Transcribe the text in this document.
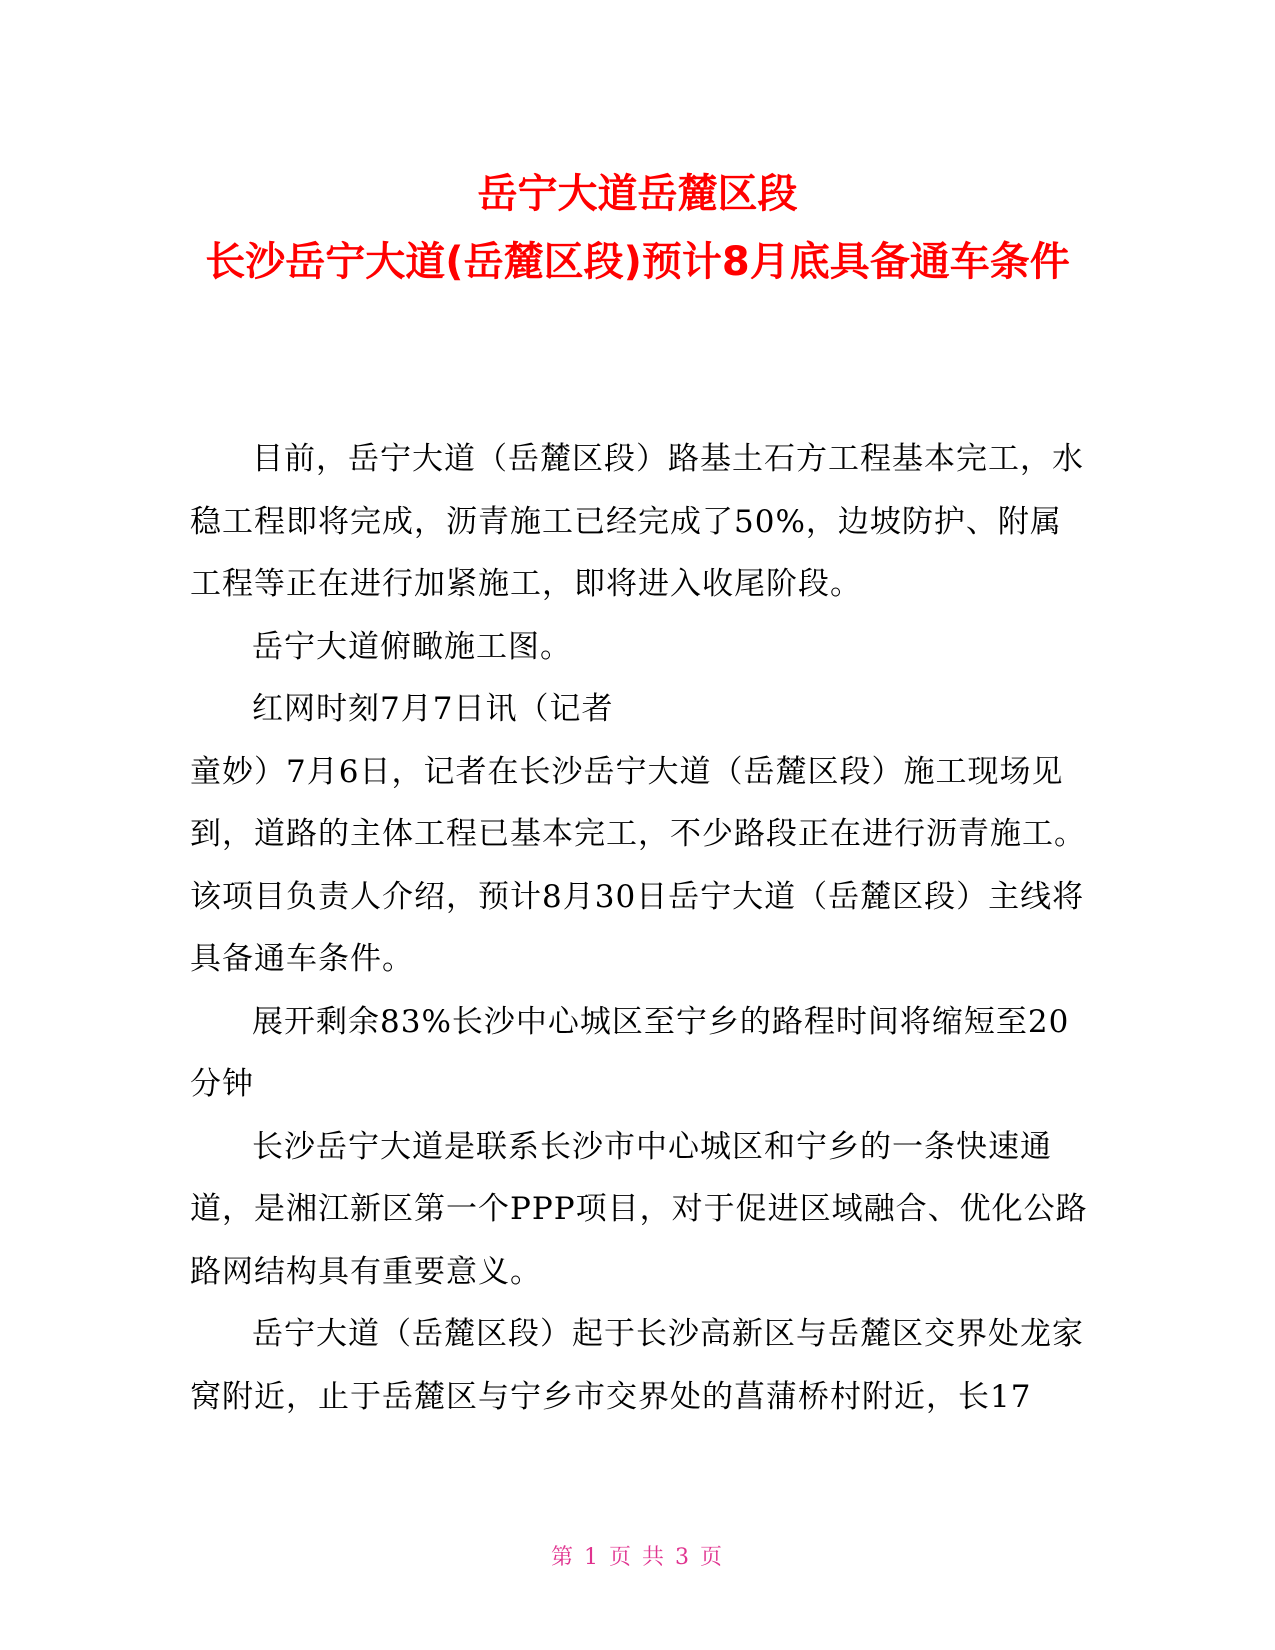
岳宁大道岳麓区段
长沙岳宁大道(岳麓区段)预计8月底具备通车条件

目前，岳宁大道（岳麓区段）路基土石方工程基本完工，水稳工程即将完成，沥青施工已经完成了50%，边坡防护、附属工程等正在进行加紧施工，即将进入收尾阶段。

岳宁大道俯瞰施工图。

红网时刻7月7日讯（记者

童妙）7月6日，记者在长沙岳宁大道（岳麓区段）施工现场见到，道路的主体工程已基本完工，不少路段正在进行沥青施工。该项目负责人介绍，预计8月30日岳宁大道（岳麓区段）主线将具备通车条件。

展开剩余83%长沙中心城区至宁乡的路程时间将缩短至20分钟

长沙岳宁大道是联系长沙市中心城区和宁乡的一条快速通道，是湘江新区第一个PPP项目，对于促进区域融合、优化公路路网结构具有重要意义。

岳宁大道（岳麓区段）起于长沙高新区与岳麓区交界处龙家窝附近，止于岳麓区与宁乡市交界处的菖蒲桥村附近，长17

第 1 页 共 3 页
